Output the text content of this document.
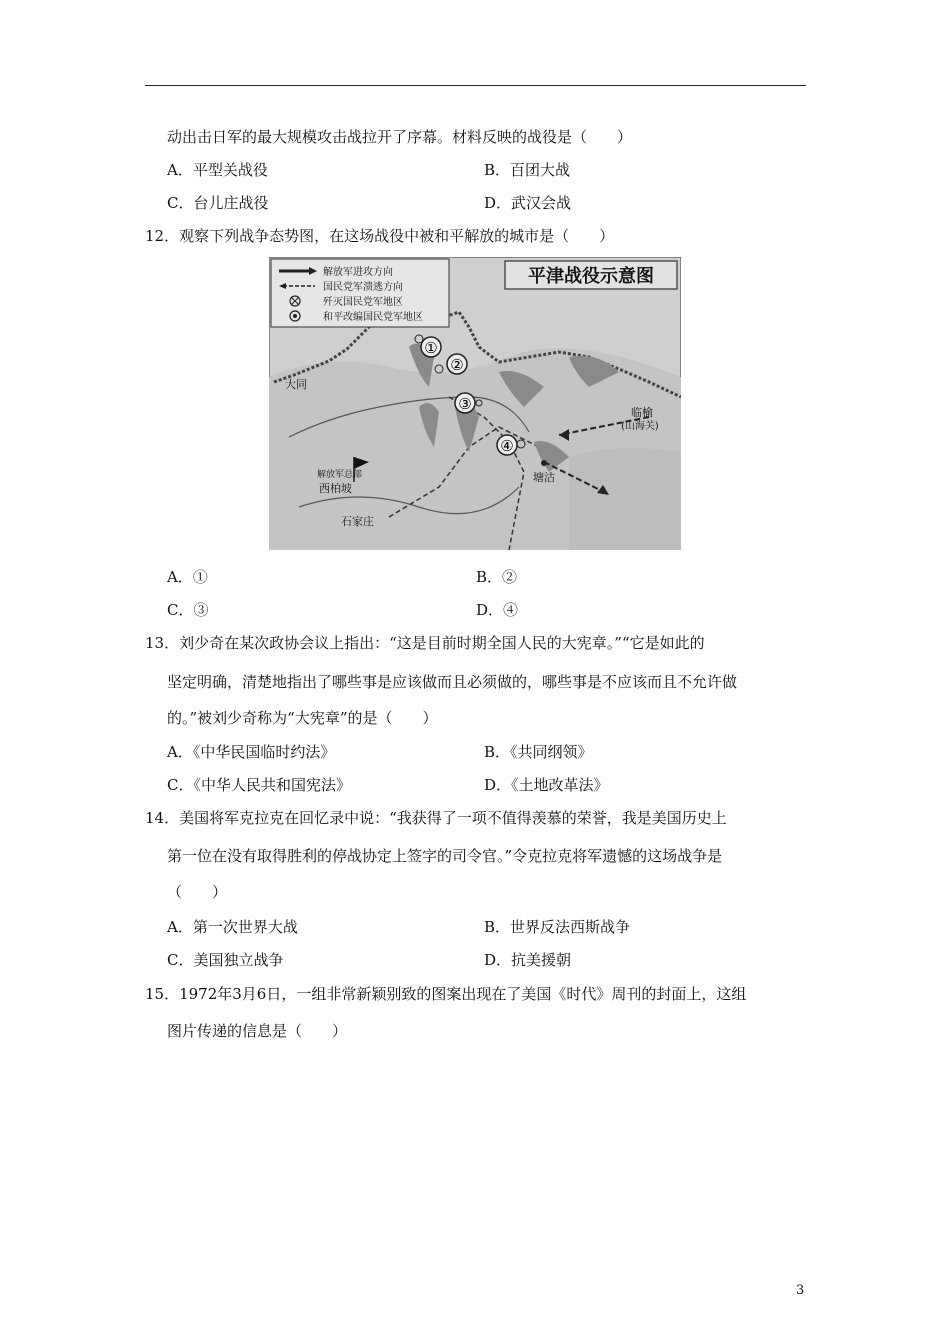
动出击日军的最大规模攻击战拉开了序幕。材料反映的战役是（　　）
A．平型关战役	B．百团大战
C．台儿庄战役	D．武汉会战
12．观察下列战争态势图，在这场战役中被和平解放的城市是（　　）
解放军进攻方向
国民党军溃逃方向
歼灭国民党军地区
和平改编国民党军地区
平津战役示意图
①
②
③
④
大同
西柏坡
石家庄
塘沽
临榆
(山海关)
解放军总部
A．①	B．②
C．③	D．④
13．刘少奇在某次政协会议上指出：“这是目前时期全国人民的大宪章。”“它是如此的
坚定明确，清楚地指出了哪些事是应该做而且必须做的，哪些事是不应该而且不允许做
的。”被刘少奇称为“大宪章”的是（　　）
A．《中华民国临时约法》	B．《共同纲领》
C．《中华人民共和国宪法》	D．《土地改革法》
14．美国将军克拉克在回忆录中说：“我获得了一项不值得羡慕的荣誉，我是美国历史上
第一位在没有取得胜利的停战协定上签字的司令官。”令克拉克将军遗憾的这场战争是
（　　）
A．第一次世界大战	B．世界反法西斯战争
C．美国独立战争	D．抗美援朝
15．1972年3月6日，一组非常新颖别致的图案出现在了美国《时代》周刊的封面上，这组
图片传递的信息是（　　）
3
